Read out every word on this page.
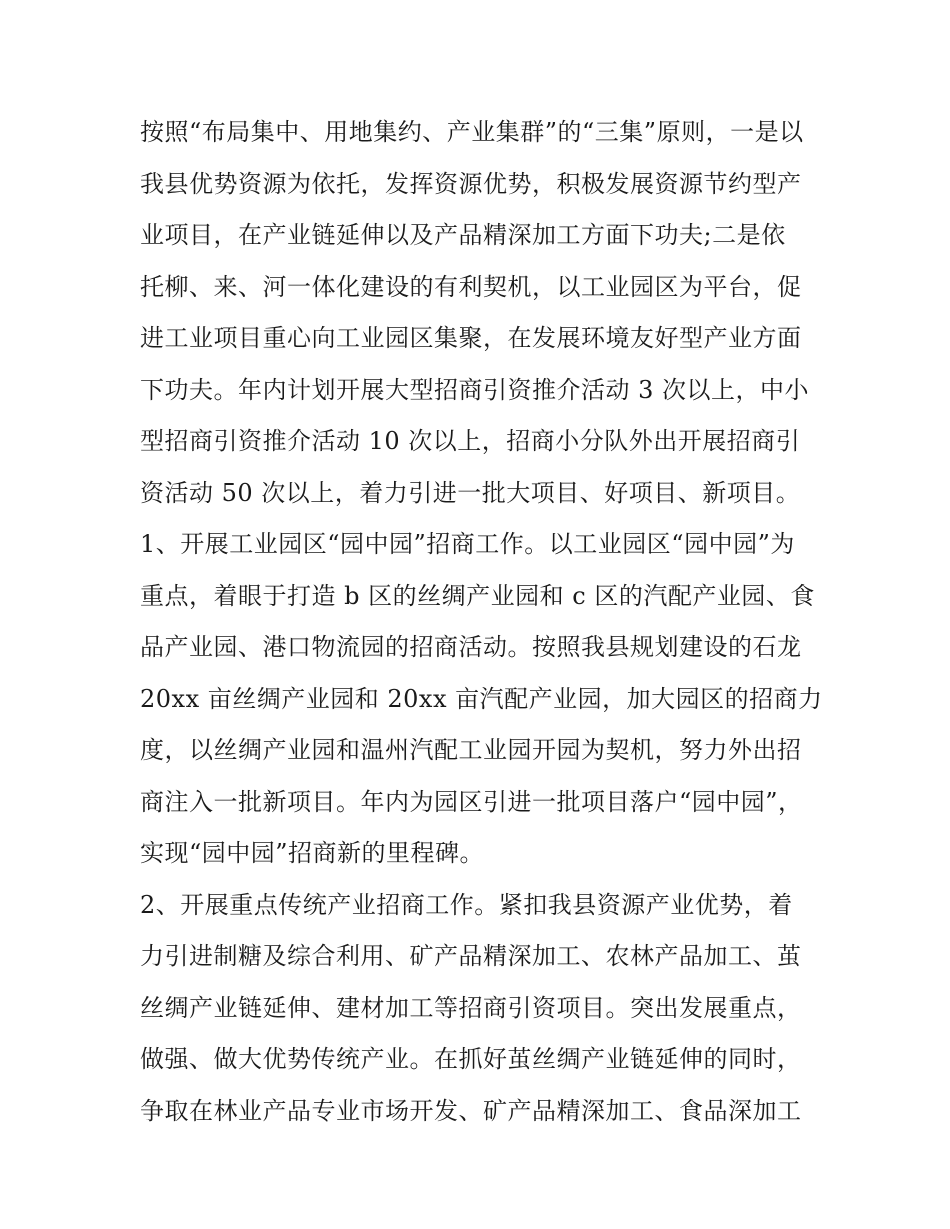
按照“布局集中、用地集约、产业集群”的“三集”原则，一是以
我县优势资源为依托，发挥资源优势，积极发展资源节约型产
业项目，在产业链延伸以及产品精深加工方面下功夫;二是依
托柳、来、河一体化建设的有利契机，以工业园区为平台，促
进工业项目重心向工业园区集聚，在发展环境友好型产业方面
下功夫。年内计划开展大型招商引资推介活动 3 次以上，中小
型招商引资推介活动 10 次以上，招商小分队外出开展招商引
资活动 50 次以上，着力引进一批大项目、好项目、新项目。
1、开展工业园区“园中园”招商工作。以工业园区“园中园”为
重点，着眼于打造 b 区的丝绸产业园和 c 区的汽配产业园、食
品产业园、港口物流园的招商活动。按照我县规划建设的石龙
20xx 亩丝绸产业园和 20xx 亩汽配产业园，加大园区的招商力
度，以丝绸产业园和温州汽配工业园开园为契机，努力外出招
商注入一批新项目。年内为园区引进一批项目落户“园中园”，
实现“园中园”招商新的里程碑。
2、开展重点传统产业招商工作。紧扣我县资源产业优势，着
力引进制糖及综合利用、矿产品精深加工、农林产品加工、茧
丝绸产业链延伸、建材加工等招商引资项目。突出发展重点，
做强、做大优势传统产业。在抓好茧丝绸产业链延伸的同时，
争取在林业产品专业市场开发、矿产品精深加工、食品深加工
